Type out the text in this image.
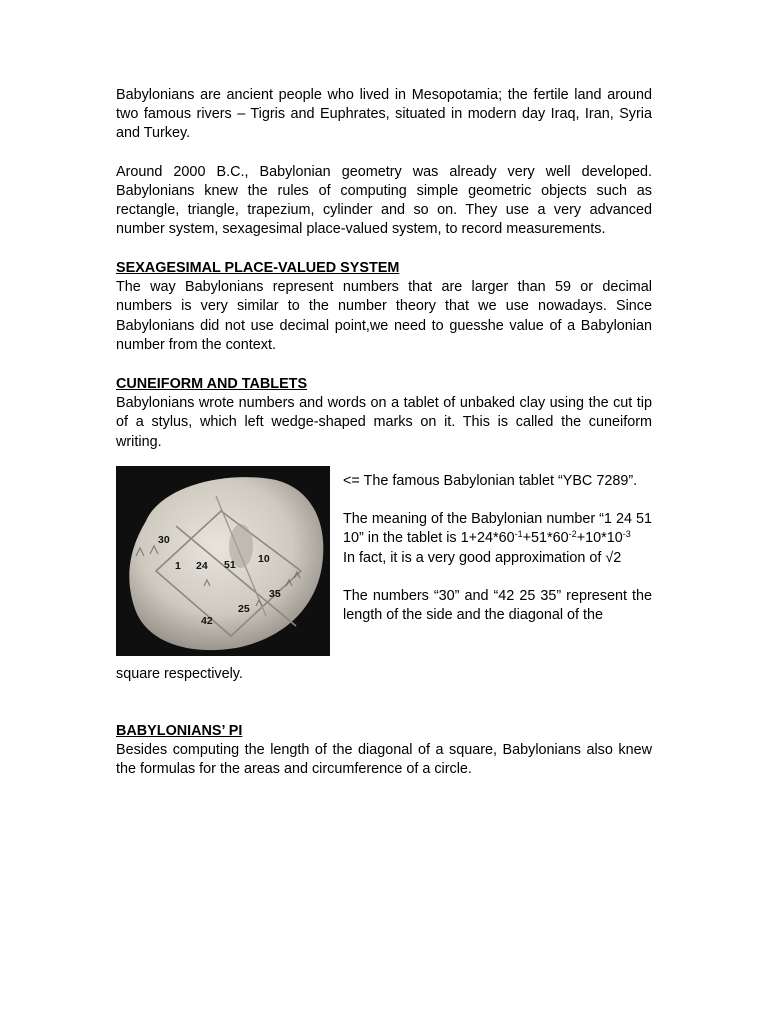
Babylonians are ancient people who lived in Mesopotamia; the fertile land around two famous rivers – Tigris and Euphrates, situated in modern day Iraq, Iran, Syria and Turkey.

Around 2000 B.C., Babylonian geometry was already very well developed. Babylonians knew the rules of computing simple geometric objects such as rectangle, triangle, trapezium, cylinder and so on. They use a very advanced number system, sexagesimal place-valued system, to record measurements.

SEXAGESIMAL PLACE-VALUED SYSTEM

The way Babylonians represent numbers that are larger than 59 or decimal numbers is very similar to the number theory that we use nowadays. Since Babylonians did not use decimal point,we need to guesshe value of a Babylonian number from the context.

CUNEIFORM AND TABLETS

Babylonians wrote numbers and words on a tablet of unbaked clay using the cut tip of a stylus, which left wedge-shaped marks on it. This is called the cuneiform writing.

30
1 24 51 10
35
25
42

<= The famous Babylonian tablet “YBC 7289”.

The meaning of the Babylonian number “1 24 51 10” in the tablet is $1+24*60^{-1}+51*60^{-2}+10*10^{-3}$

In fact, it is a very good approximation of √2

The numbers “30” and “42 25 35” represent the length of the side and the diagonal of the

square respectively.

BABYLONIANS’ PI

Besides computing the length of the diagonal of a square, Babylonians also knew the formulas for the areas and circumference of a circle.
